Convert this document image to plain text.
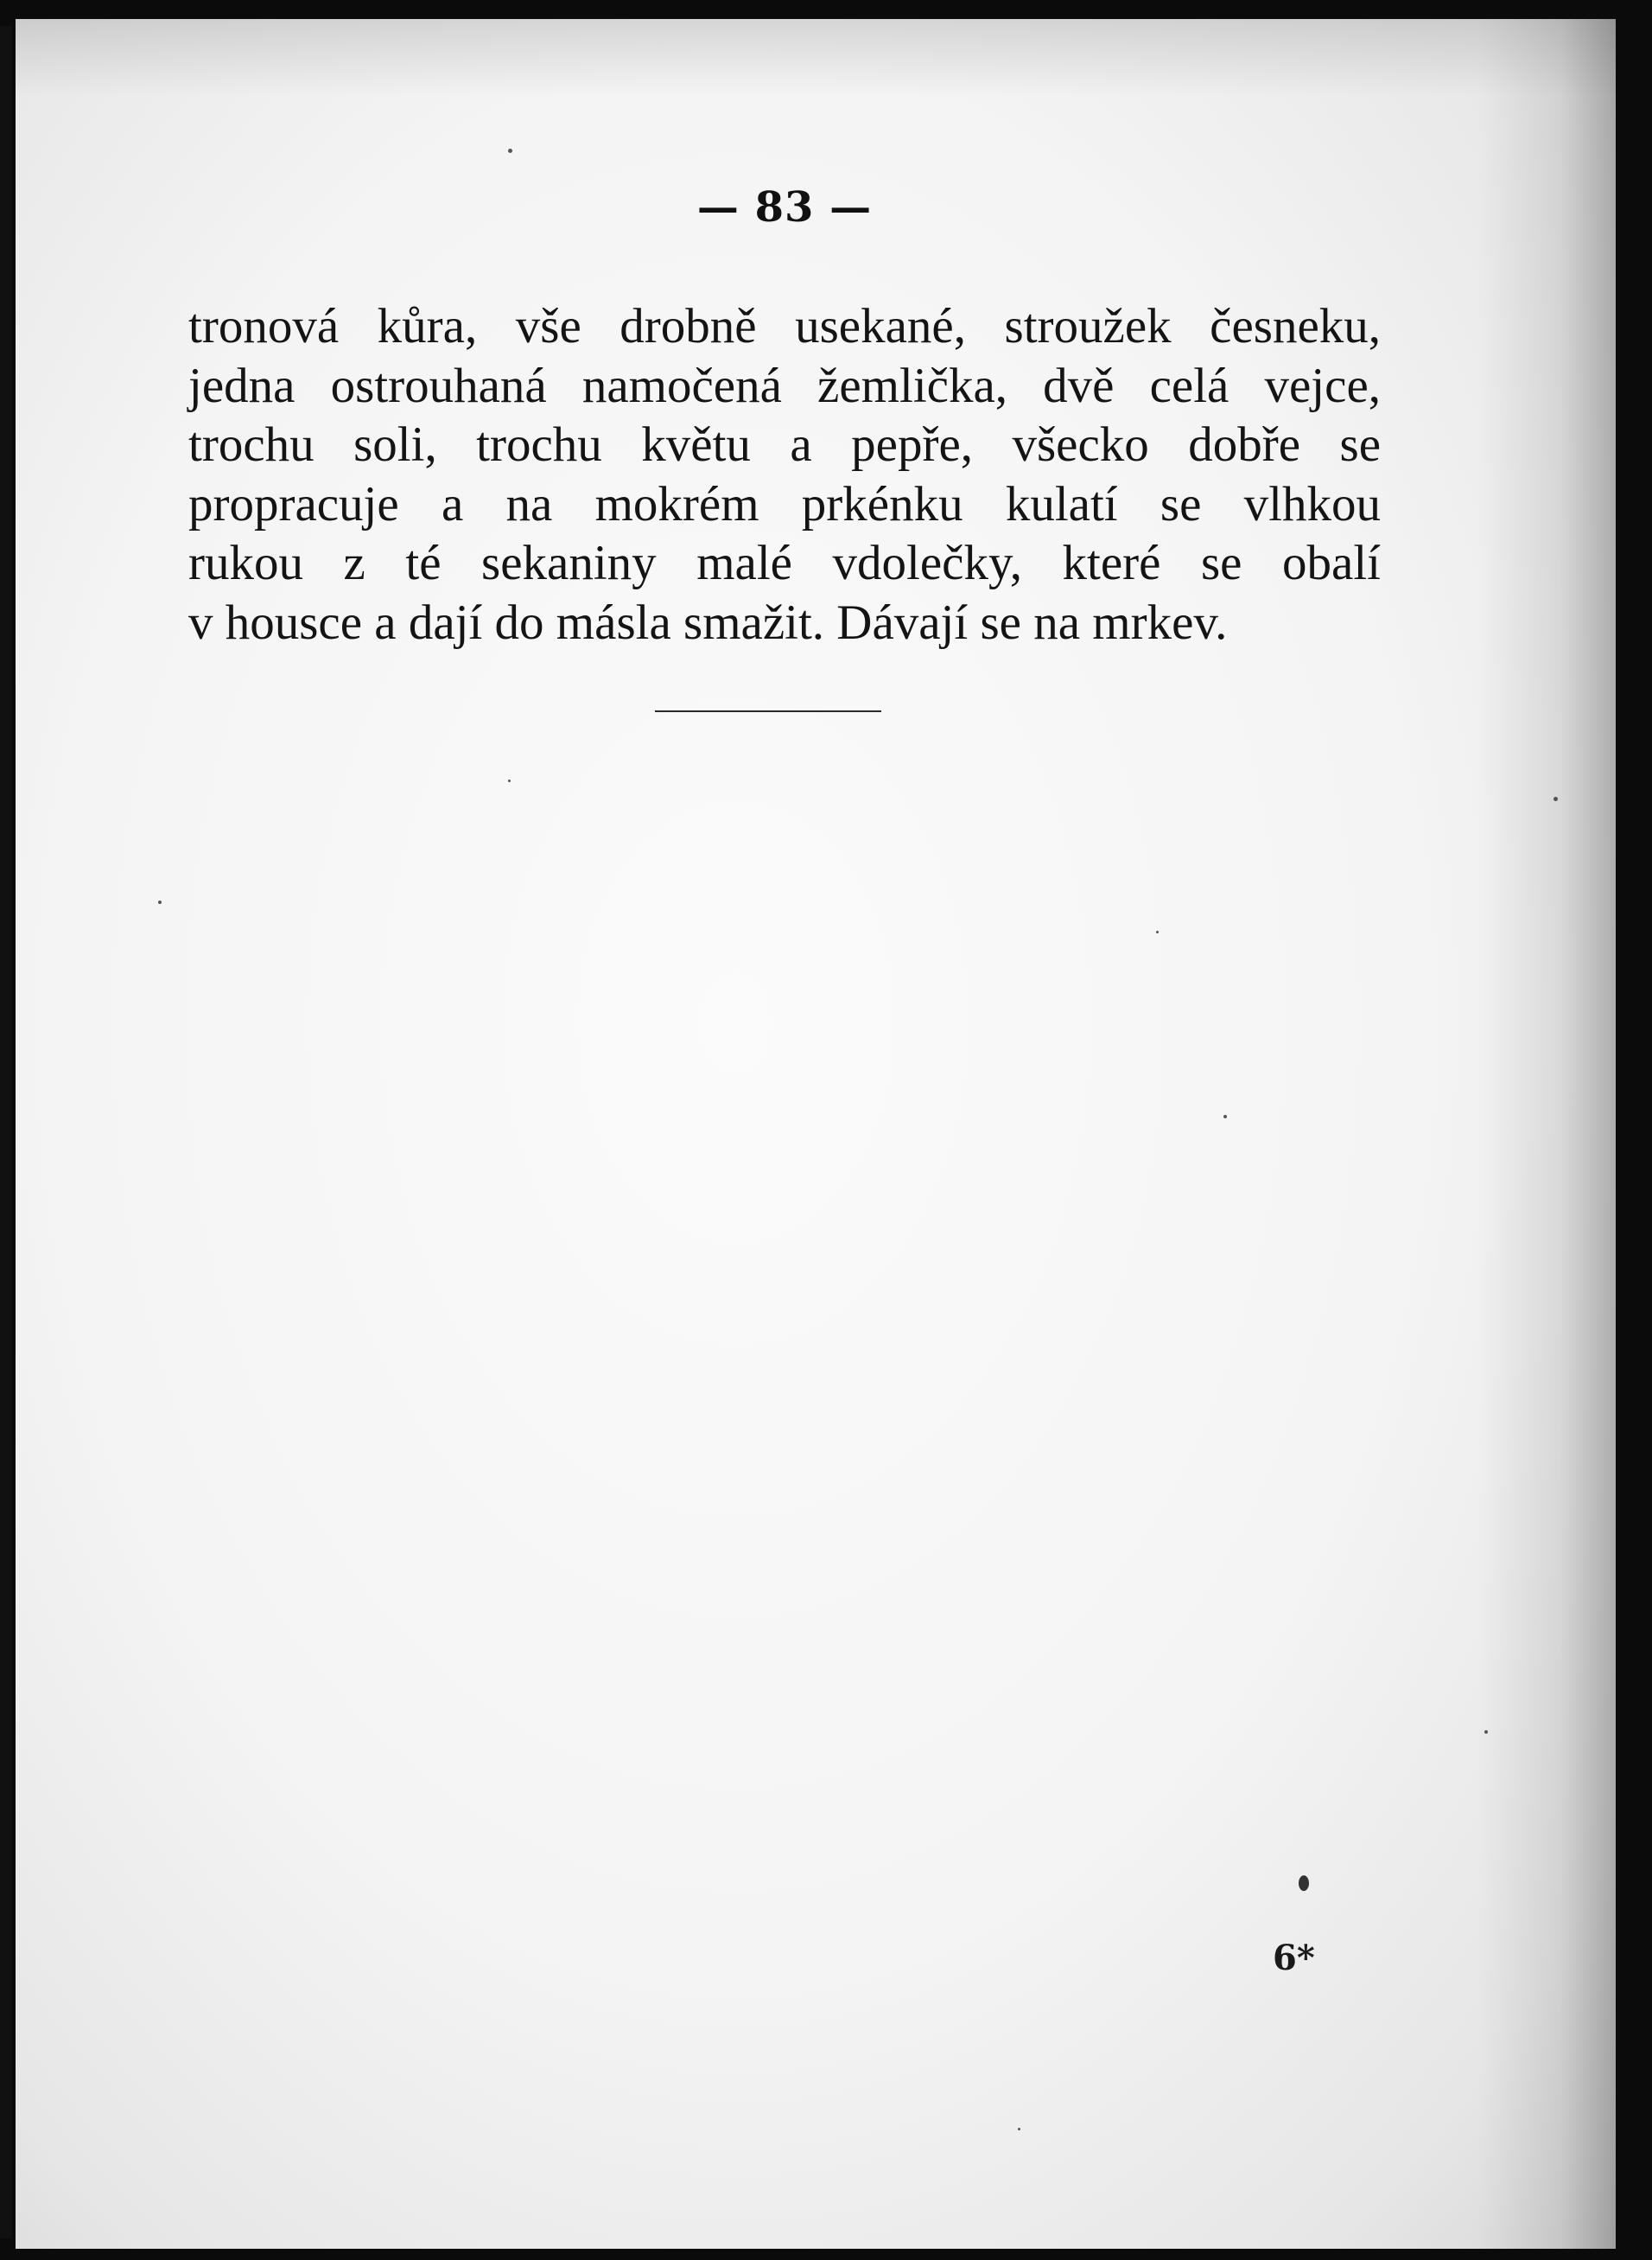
— 83 —
tronová kůra, vše drobně usekané, stroužek česneku,
jedna ostrouhaná namočená žemlička, dvě celá vejce,
trochu soli, trochu květu a pepře, všecko dobře se
propracuje a na mokrém prkénku kulatí se vlhkou
rukou z té sekaniny malé vdolečky, které se obalí
v housce a dají do másla smažit. Dávají se na mrkev.
6*
